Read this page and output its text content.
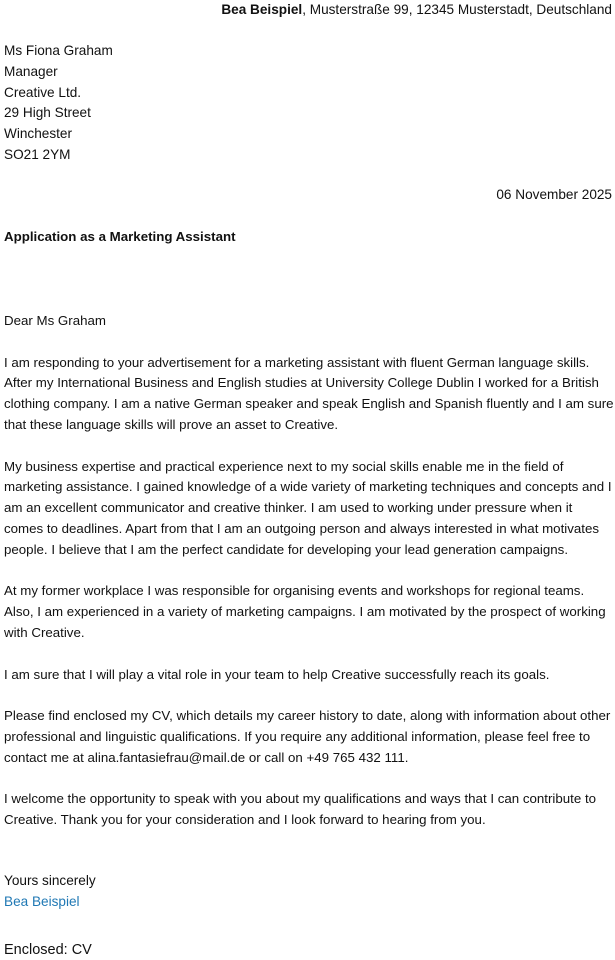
Bea Beispiel, Musterstraße 99, 12345 Musterstadt, Deutschland
Ms Fiona Graham
Manager
Creative Ltd.
29 High Street
Winchester
SO21 2YM
06 November 2025
Application as a Marketing Assistant

Dear Ms Graham

I am responding to your advertisement for a marketing assistant with fluent German language skills. After my International Business and English studies at University College Dublin I worked for a British clothing company. I am a native German speaker and speak English and Spanish fluently and I am sure that these language skills will prove an asset to Creative.

My business expertise and practical experience next to my social skills enable me in the field of marketing assistance. I gained knowledge of a wide variety of marketing techniques and concepts and I am an excellent communicator and creative thinker. I am used to working under pressure when it comes to deadlines. Apart from that I am an outgoing person and always interested in what motivates people. I believe that I am the perfect candidate for developing your lead generation campaigns.

At my former workplace I was responsible for organising events and workshops for regional teams. Also, I am experienced in a variety of marketing campaigns. I am motivated by the prospect of working with Creative.

I am sure that I will play a vital role in your team to help Creative successfully reach its goals.

Please find enclosed my CV, which details my career history to date, along with information about other professional and linguistic qualifications. If you require any additional information, please feel free to contact me at alina.fantasiefrau@mail.de or call on +49 765 432 111.

I welcome the opportunity to speak with you about my qualifications and ways that I can contribute to Creative. Thank you for your consideration and I look forward to hearing from you.

Yours sincerely
Bea Beispiel
Enclosed: CV
